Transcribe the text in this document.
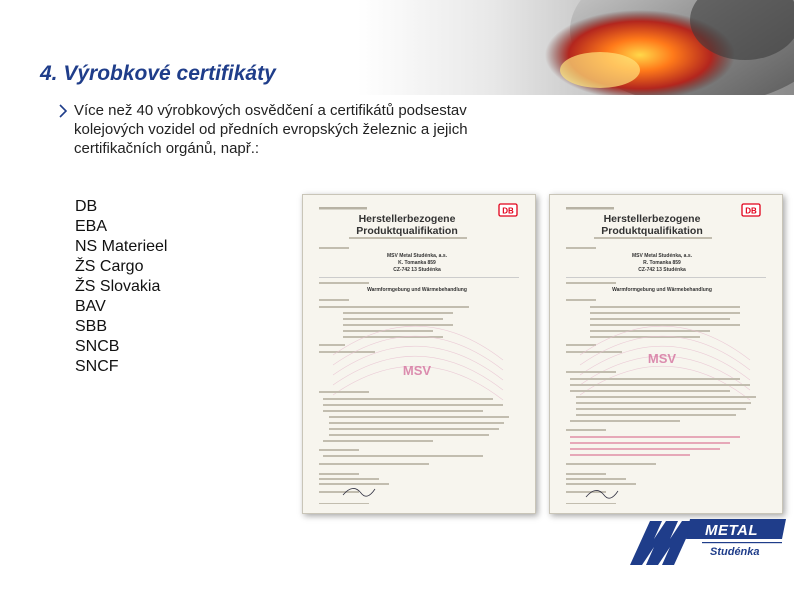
4. Výrobkové certifikáty
Více než 40 výrobkových osvědčení a certifikátů podsestav kolejových vozidel od předních evropských železnic a jejich certifikačních orgánů, např.:
DB
EBA
NS Materieel
ŽS Cargo
ŽS Slovakia
BAV
SBB
SNCB
SNCF
DB
Herstellerbezogene
Produktqualifikation
MSV Metal Studénka, a.s.
K. Tomanka 859
CZ-742 13 Studénka
Warmformgebung und Wärmebehandlung
MSV
DB
Herstellerbezogene
Produktqualifikation
MSV Metal Studénka, a.s.
R. Tomanka 859
CZ-742 13 Studénka
Warmformgebung und Wärmebehandlung
MSV
METAL
Studénka
